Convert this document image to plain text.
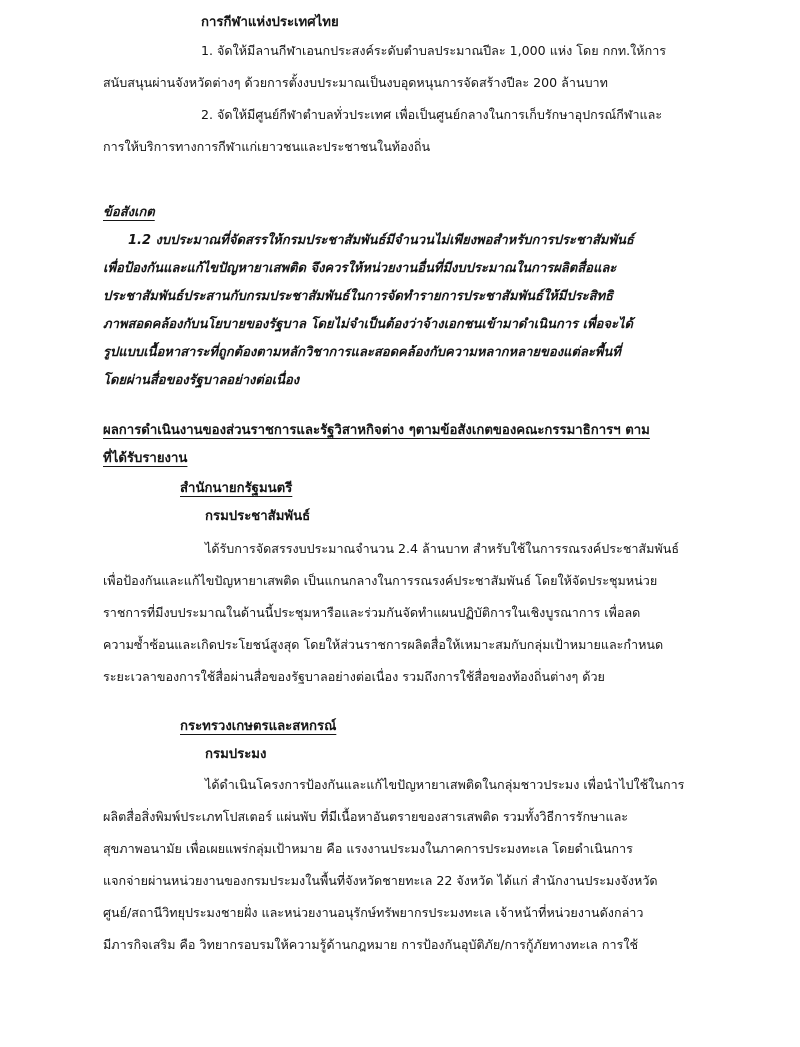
การกีฬาแห่งประเทศไทย

1. จัดให้มีลานกีฬาเอนกประสงค์ระดับตำบลประมาณปีละ 1,000 แห่ง โดย กกท.ให้การ

สนับสนุนผ่านจังหวัดต่างๆ ด้วยการตั้งงบประมาณเป็นงบอุดหนุนการจัดสร้างปีละ 200 ล้านบาท

2. จัดให้มีศูนย์กีฬาตำบลทั่วประเทศ เพื่อเป็นศูนย์กลางในการเก็บรักษาอุปกรณ์กีฬาและ

การให้บริการทางการกีฬาแก่เยาวชนและประชาชนในท้องถิ่น

ข้อสังเกต

1.2 งบประมาณที่จัดสรรให้กรมประชาสัมพันธ์มีจำนวนไม่เพียงพอสำหรับการประชาสัมพันธ์

เพื่อป้องกันและแก้ไขปัญหายาเสพติด จึงควรให้หน่วยงานอื่นที่มีงบประมาณในการผลิตสื่อและ

ประชาสัมพันธ์ประสานกับกรมประชาสัมพันธ์ในการจัดทำรายการประชาสัมพันธ์ให้มีประสิทธิ

ภาพสอดคล้องกับนโยบายของรัฐบาล โดยไม่จำเป็นต้องว่าจ้างเอกชนเข้ามาดำเนินการ เพื่อจะได้

รูปแบบเนื้อหาสาระที่ถูกต้องตามหลักวิชาการและสอดคล้องกับความหลากหลายของแต่ละพื้นที่

โดยผ่านสื่อของรัฐบาลอย่างต่อเนื่อง

ผลการดำเนินงานของส่วนราชการและรัฐวิสาหกิจต่าง ๆตามข้อสังเกตของคณะกรรมาธิการฯ ตาม

ที่ได้รับรายงาน

สำนักนายกรัฐมนตรี

กรมประชาสัมพันธ์

ได้รับการจัดสรรงบประมาณจำนวน 2.4 ล้านบาท สำหรับใช้ในการรณรงค์ประชาสัมพันธ์

เพื่อป้องกันและแก้ไขปัญหายาเสพติด เป็นแกนกลางในการรณรงค์ประชาสัมพันธ์ โดยให้จัดประชุมหน่วย

ราชการที่มีงบประมาณในด้านนี้ประชุมหารือและร่วมกันจัดทำแผนปฏิบัติการในเชิงบูรณาการ เพื่อลด

ความซ้ำซ้อนและเกิดประโยชน์สูงสุด โดยให้ส่วนราชการผลิตสื่อให้เหมาะสมกับกลุ่มเป้าหมายและกำหนด

ระยะเวลาของการใช้สื่อผ่านสื่อของรัฐบาลอย่างต่อเนื่อง รวมถึงการใช้สื่อของท้องถิ่นต่างๆ ด้วย

กระทรวงเกษตรและสหกรณ์

กรมประมง

ได้ดำเนินโครงการป้องกันและแก้ไขปัญหายาเสพติดในกลุ่มชาวประมง เพื่อนำไปใช้ในการ

ผลิตสื่อสิ่งพิมพ์ประเภทโปสเตอร์ แผ่นพับ ที่มีเนื้อหาอันตรายของสารเสพติด รวมทั้งวิธีการรักษาและ

สุขภาพอนามัย เพื่อเผยแพร่กลุ่มเป้าหมาย คือ แรงงานประมงในภาคการประมงทะเล โดยดำเนินการ

แจกจ่ายผ่านหน่วยงานของกรมประมงในพื้นที่จังหวัดชายทะเล 22 จังหวัด ได้แก่ สำนักงานประมงจังหวัด

ศูนย์/สถานีวิทยุประมงชายฝั่ง และหน่วยงานอนุรักษ์ทรัพยากรประมงทะเล เจ้าหน้าที่หน่วยงานดังกล่าว

มีภารกิจเสริม คือ วิทยากรอบรมให้ความรู้ด้านกฎหมาย การป้องกันอุบัติภัย/การกู้ภัยทางทะเล การใช้
